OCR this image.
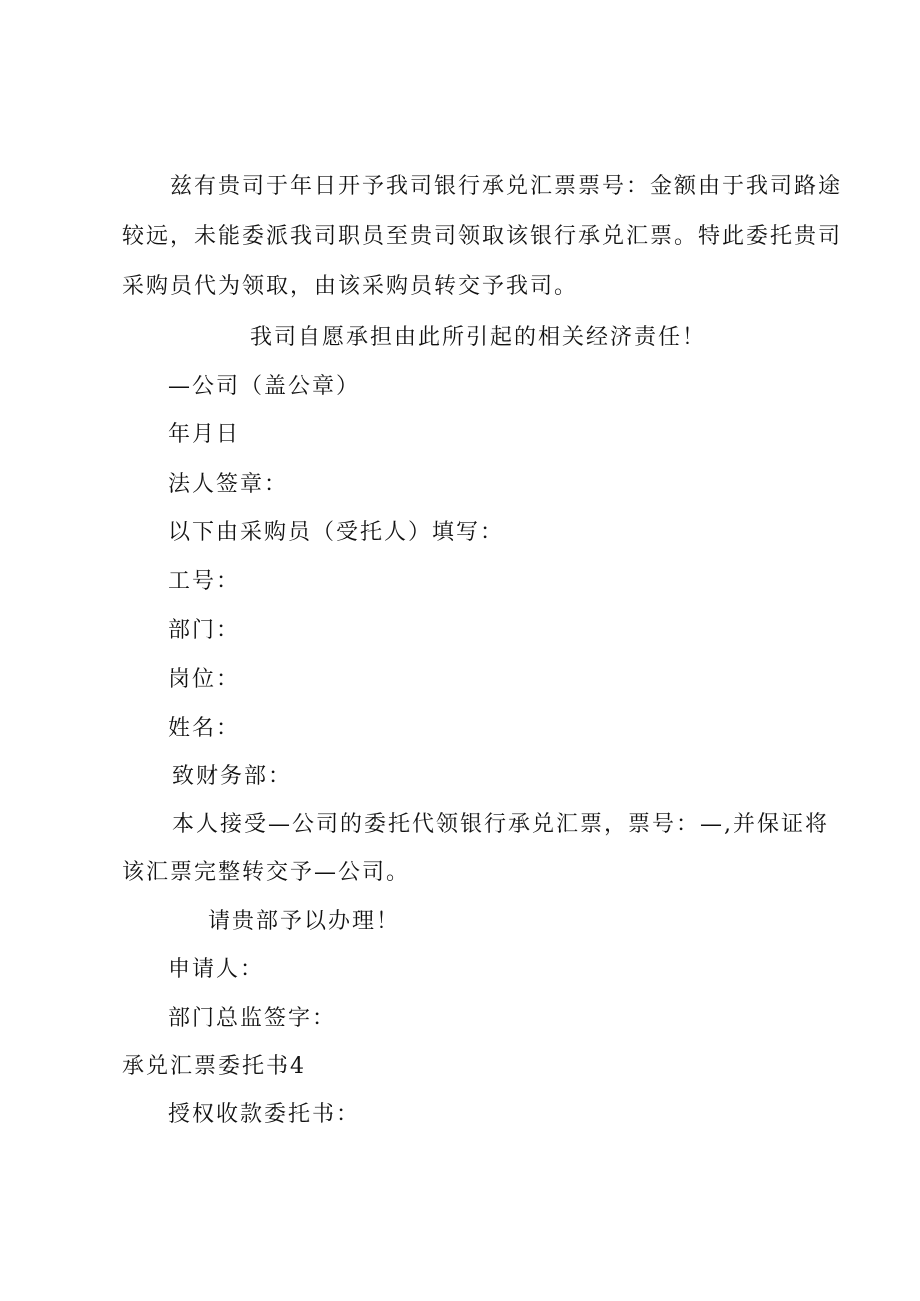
兹有贵司于年日开予我司银行承兑汇票票号：金额由于我司路途
较远，未能委派我司职员至贵司领取该银行承兑汇票。特此委托贵司
采购员代为领取，由该采购员转交予我司。
我司自愿承担由此所引起的相关经济责任！
—公司（盖公章）
年月日
法人签章：
以下由采购员（受托人）填写：
工号：
部门：
岗位：
姓名：
致财务部：
本人接受—公司的委托代领银行承兑汇票，票号：—,并保证将
该汇票完整转交予—公司。
请贵部予以办理！
申请人：
部门总监签字：
承兑汇票委托书4
授权收款委托书：
